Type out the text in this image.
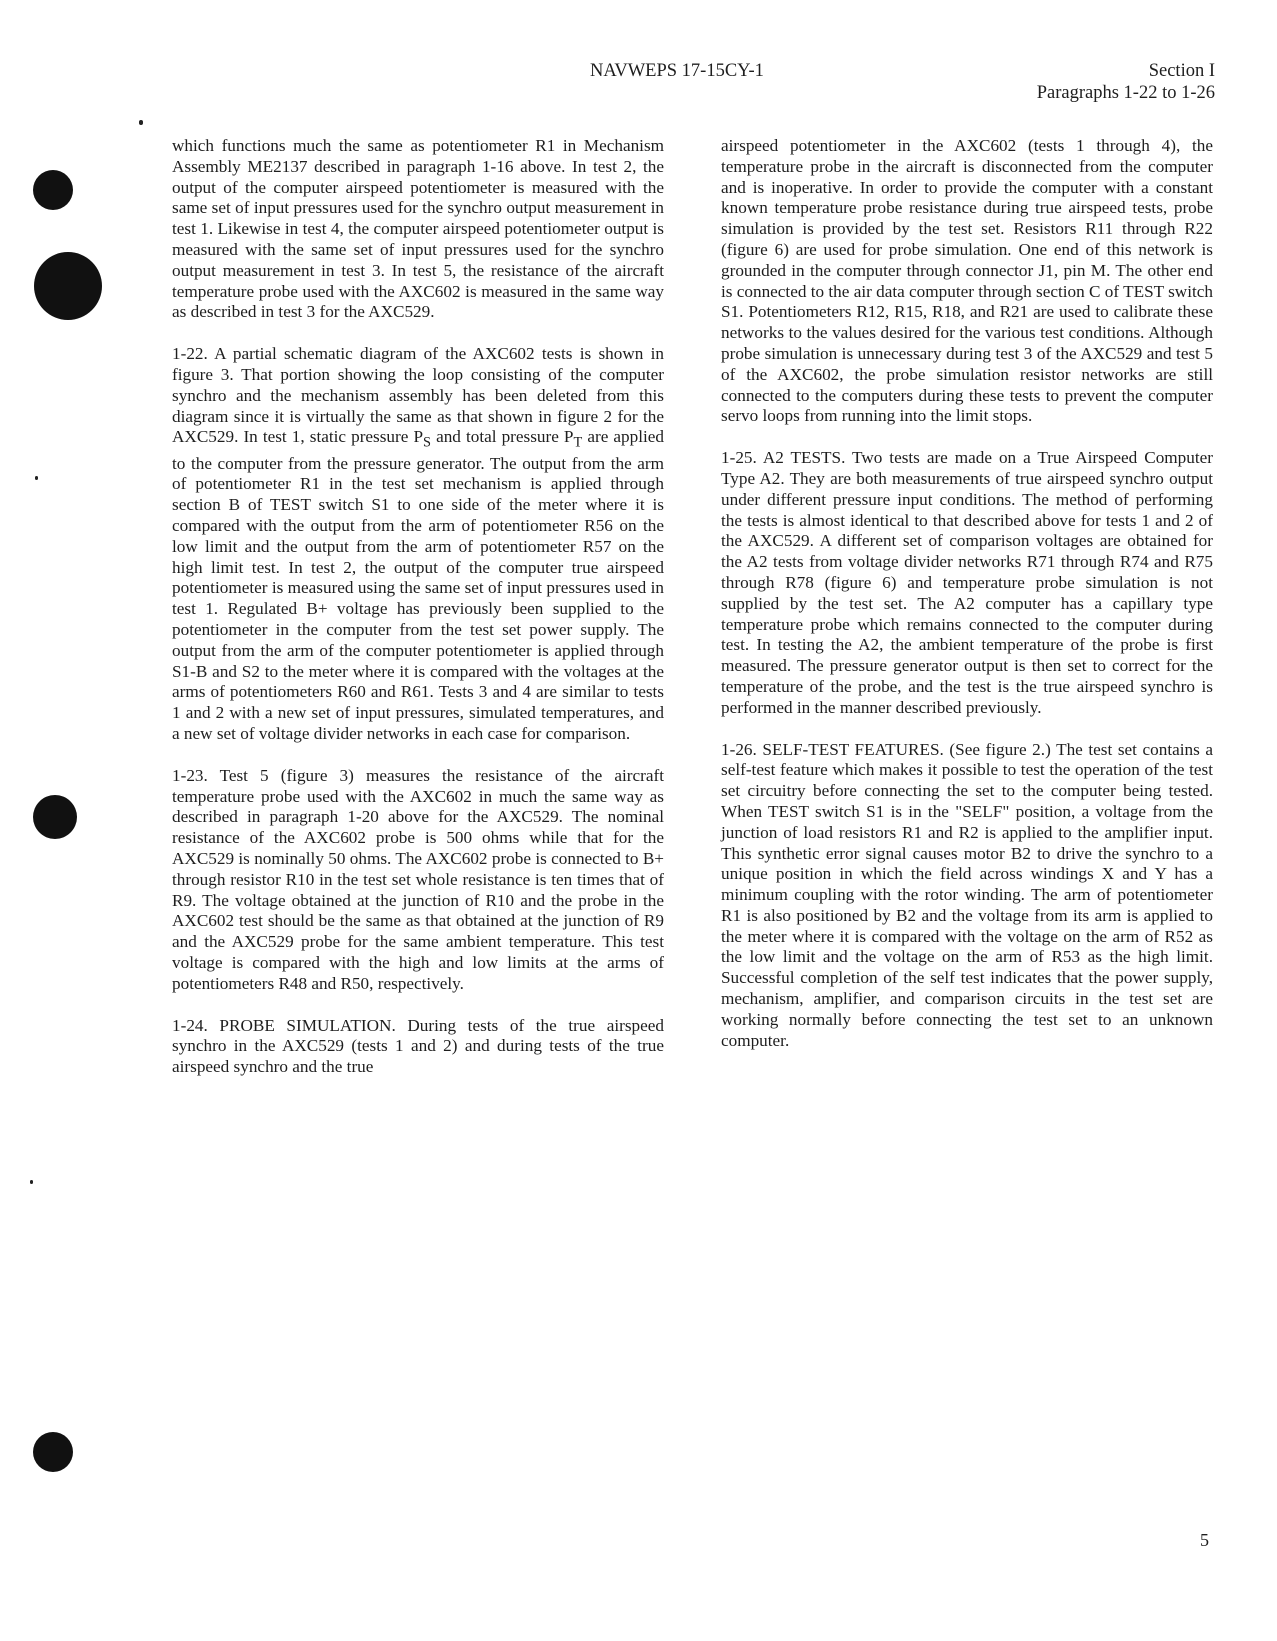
NAVWEPS 17-15CY-1	Section I
Paragraphs 1-22 to 1-26

which functions much the same as potentiometer R1 in Mechanism Assembly ME2137 described in paragraph 1-16 above. In test 2, the output of the computer airspeed potentiometer is measured with the same set of input pressures used for the synchro output measurement in test 1. Likewise in test 4, the computer airspeed potentiometer output is measured with the same set of input pressures used for the synchro output measurement in test 3. In test 5, the resistance of the aircraft temperature probe used with the AXC602 is measured in the same way as described in test 3 for the AXC529.

1-22. A partial schematic diagram of the AXC602 tests is shown in figure 3. That portion showing the loop consisting of the computer synchro and the mechanism assembly has been deleted from this diagram since it is virtually the same as that shown in figure 2 for the AXC529. In test 1, static pressure $P_S$ and total pressure $P_T$ are applied to the computer from the pressure generator. The output from the arm of potentiometer R1 in the test set mechanism is applied through section B of TEST switch S1 to one side of the meter where it is compared with the output from the arm of potentiometer R56 on the low limit and the output from the arm of potentiometer R57 on the high limit test. In test 2, the output of the computer true airspeed potentiometer is measured using the same set of input pressures used in test 1. Regulated B+ voltage has previously been supplied to the potentiometer in the computer from the test set power supply. The output from the arm of the computer potentiometer is applied through S1-B and S2 to the meter where it is compared with the voltages at the arms of potentiometers R60 and R61. Tests 3 and 4 are similar to tests 1 and 2 with a new set of input pressures, simulated temperatures, and a new set of voltage divider networks in each case for comparison.

1-23. Test 5 (figure 3) measures the resistance of the aircraft temperature probe used with the AXC602 in much the same way as described in paragraph 1-20 above for the AXC529. The nominal resistance of the AXC602 probe is 500 ohms while that for the AXC529 is nominally 50 ohms. The AXC602 probe is connected to B+ through resistor R10 in the test set whole resistance is ten times that of R9. The voltage obtained at the junction of R10 and the probe in the AXC602 test should be the same as that obtained at the junction of R9 and the AXC529 probe for the same ambient temperature. This test voltage is compared with the high and low limits at the arms of potentiometers R48 and R50, respectively.

1-24. PROBE SIMULATION. During tests of the true airspeed synchro in the AXC529 (tests 1 and 2) and during tests of the true airspeed synchro and the true

airspeed potentiometer in the AXC602 (tests 1 through 4), the temperature probe in the aircraft is disconnected from the computer and is inoperative. In order to provide the computer with a constant known temperature probe resistance during true airspeed tests, probe simulation is provided by the test set. Resistors R11 through R22 (figure 6) are used for probe simulation. One end of this network is grounded in the computer through connector J1, pin M. The other end is connected to the air data computer through section C of TEST switch S1. Potentiometers R12, R15, R18, and R21 are used to calibrate these networks to the values desired for the various test conditions. Although probe simulation is unnecessary during test 3 of the AXC529 and test 5 of the AXC602, the probe simulation resistor networks are still connected to the computers during these tests to prevent the computer servo loops from running into the limit stops.

1-25. A2 TESTS. Two tests are made on a True Airspeed Computer Type A2. They are both measurements of true airspeed synchro output under different pressure input conditions. The method of performing the tests is almost identical to that described above for tests 1 and 2 of the AXC529. A different set of comparison voltages are obtained for the A2 tests from voltage divider networks R71 through R74 and R75 through R78 (figure 6) and temperature probe simulation is not supplied by the test set. The A2 computer has a capillary type temperature probe which remains connected to the computer during test. In testing the A2, the ambient temperature of the probe is first measured. The pressure generator output is then set to correct for the temperature of the probe, and the test is the true airspeed synchro is performed in the manner described previously.

1-26. SELF-TEST FEATURES. (See figure 2.) The test set contains a self-test feature which makes it possible to test the operation of the test set circuitry before connecting the set to the computer being tested. When TEST switch S1 is in the "SELF" position, a voltage from the junction of load resistors R1 and R2 is applied to the amplifier input. This synthetic error signal causes motor B2 to drive the synchro to a unique position in which the field across windings X and Y has a minimum coupling with the rotor winding. The arm of potentiometer R1 is also positioned by B2 and the voltage from its arm is applied to the meter where it is compared with the voltage on the arm of R52 as the low limit and the voltage on the arm of R53 as the high limit. Successful completion of the self test indicates that the power supply, mechanism, amplifier, and comparison circuits in the test set are working normally before connecting the test set to an unknown computer.

5
